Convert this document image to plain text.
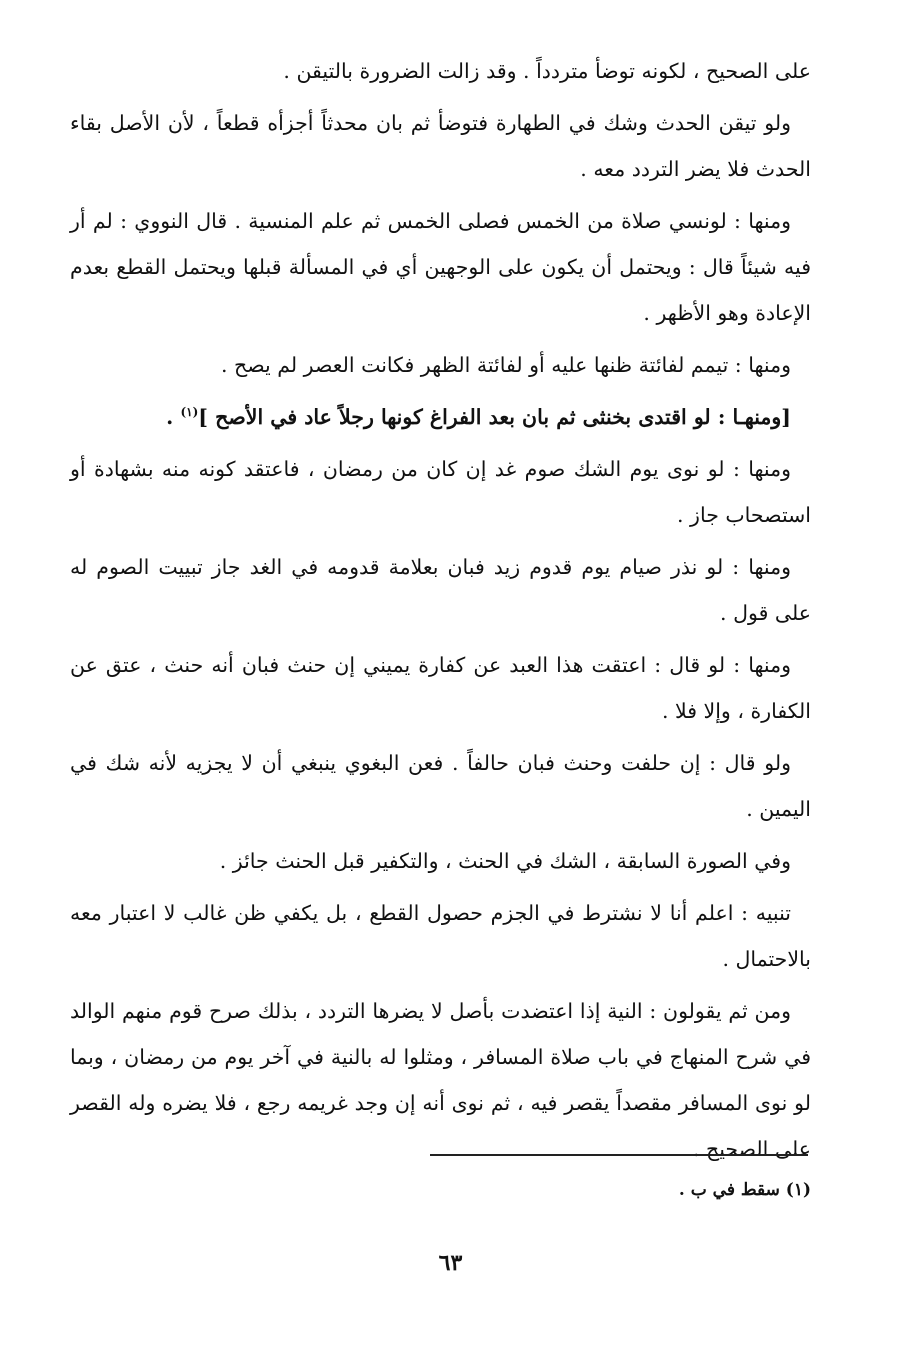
على الصحيح ، لكونه توضأ متردداً . وقد زالت الضرورة بالتيقن .

ولو تيقن الحدث وشك في الطهارة فتوضأ ثم بان محدثاً أجزأه قطعاً ، لأن الأصل بقاء الحدث فلا يضر التردد معه .

ومنها : لونسي صلاة من الخمس فصلى الخمس ثم علم المنسية . قال النووي : لم أر فيه شيئاً قال : ويحتمل أن يكون على الوجهين أي في المسألة قبلها ويحتمل القطع بعدم الإعادة وهو الأظهر .

ومنها : تيمم لفائتة ظنها عليه أو لفائتة الظهر فكانت العصر لم يصح .

[ومنهـا : لو اقتدى بخنثى ثم بان بعد الفراغ كونها رجلاً عاد في الأصح ]$^{(١)}$ .

ومنها : لو نوى يوم الشك صوم غد إن كان من رمضان ، فاعتقد كونه منه بشهادة أو استصحاب جاز .

ومنها : لو نذر صيام يوم قدوم زيد فبان بعلامة قدومه في الغد جاز تبييت الصوم له على قول .

ومنها : لو قال : اعتقت هذا العبد عن كفارة يميني إن حنث فبان أنه حنث ، عتق عن الكفارة ، وإلا فلا .

ولو قال : إن حلفت وحنث فبان حالفاً . فعن البغوي ينبغي أن لا يجزيه لأنه شك في اليمين .

وفي الصورة السابقة ، الشك في الحنث ، والتكفير قبل الحنث جائز .

تنبيه : اعلم أنا لا نشترط في الجزم حصول القطع ، بل يكفي ظن غالب لا اعتبار معه بالاحتمال .

ومن ثم يقولون : النية إذا اعتضدت بأصل لا يضرها التردد ، بذلك صرح قوم منهم الوالد في شرح المنهاج في باب صلاة المسافر ، ومثلوا له بالنية في آخر يوم من رمضان ، وبما لو نوى المسافر مقصداً يقصر فيه ، ثم نوى أنه إن وجد غريمه رجع ، فلا يضره وله القصر على الصحيح .

(١) سقط في ب .
٦٣
